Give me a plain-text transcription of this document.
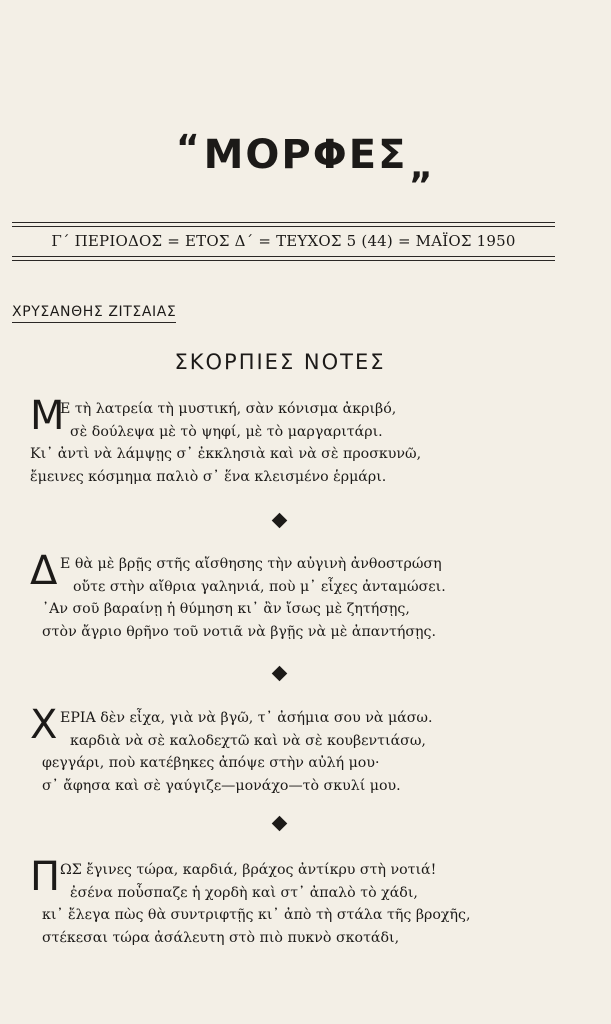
“ΜΟΡΦΕΣ„
Γ΄ ΠΕΡΙΟΔΟΣ = ΕΤΟΣ Δ΄ = ΤΕΥΧΟΣ 5 (44) = ΜΑΪΟΣ 1950
ΧΡΥΣΑΝΘΗΣ ΖΙΤΣΑΙΑΣ
ΣΚΟΡΠΙΕΣ ΝΟΤΕΣ
Μ
Ε τὴ λατρεία τὴ μυστική, σὰν κόνισμα ἀκριβό,
σὲ δούλεψα μὲ τὸ ψηφί, μὲ τὸ μαργαριτάρι.
Κι᾿ ἀντὶ νὰ λάμψῃς σ᾿ ἐκκλησιὰ καὶ νὰ σὲ προσκυνῶ,
ἔμεινες κόσμημα παλιὸ σ᾿ ἕνα κλεισμένο ἑρμάρι.
Δ Ε θὰ μὲ βρῇς στῆς αἴσθησης τὴν αὐγινὴ ἀνθοστρώση
οὔτε στὴν αἴθρια γαληνιά, ποὺ μ᾿ εἶχες ἀνταμώσει.
᾿Αν σοῦ βαραίνῃ ἡ θύμηση κι᾿ ἂν ἴσως μὲ ζητήσῃς,
στὸν ἄγριο θρῆνο τοῦ νοτιᾶ νὰ βγῇς νὰ μὲ ἀπαντήσῃς.
Χ ΕΡΙΑ δὲν εἶχα, γιὰ νὰ βγῶ, τ᾿ ἀσήμια σου νὰ μάσω.
καρδιὰ νὰ σὲ καλοδεχτῶ καὶ νὰ σὲ κουβεντιάσω,
φεγγάρι, ποὺ κατέβηκες ἀπόψε στὴν αὐλή μου·
σ᾿ ἄφησα καὶ σὲ γαύγιζε—μονάχο—τὸ σκυλί μου.
Π ΩΣ ἔγινες τώρα, καρδιά, βράχος ἀντίκρυ στὴ νοτιά!
ἐσένα ποὖσπαζε ἡ χορδὴ καὶ στ᾿ ἀπαλὸ τὸ χάδι,
κι᾿ ἔλεγα πὼς θὰ συντριφτῇς κι᾿ ἀπὸ τὴ στάλα τῆς βροχῆς,
στέκεσαι τώρα ἀσάλευτη στὸ πιὸ πυκνὸ σκοτάδι,
